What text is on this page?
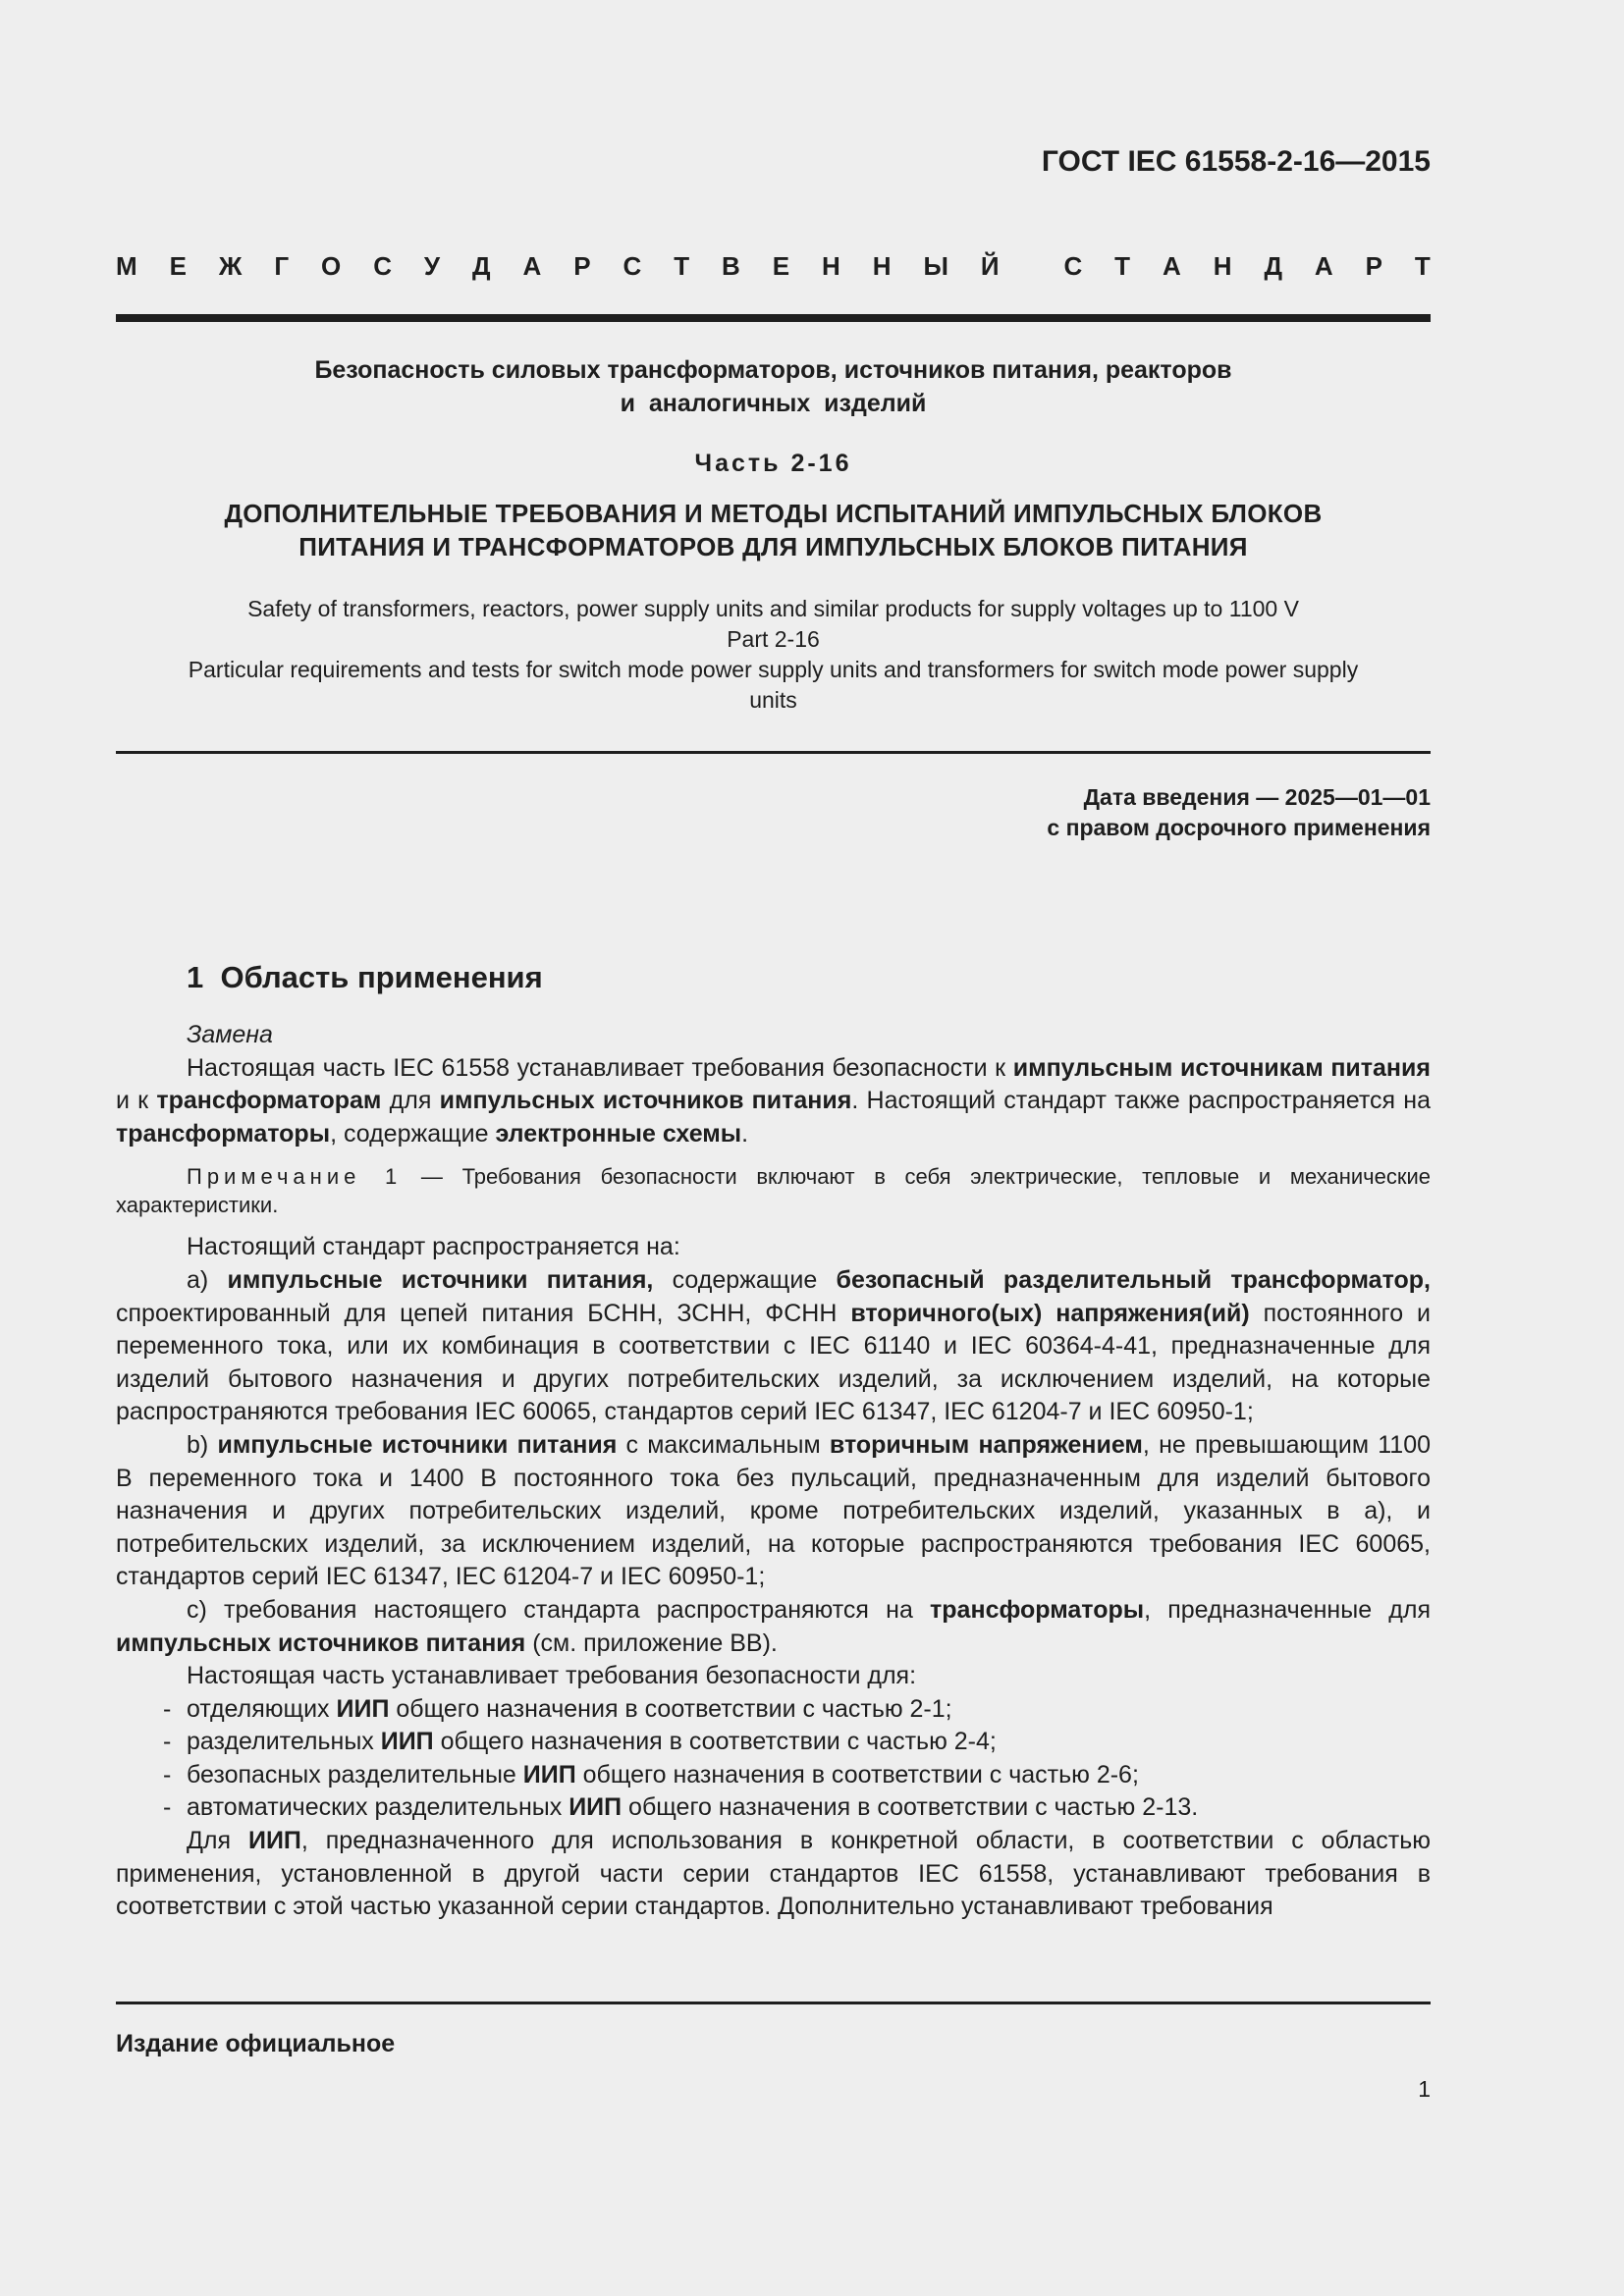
ГОСТ IEC 61558-2-16—2015
М Е Ж Г О С У Д А Р С Т В Е Н Н Ы Й	С Т А Н Д А Р Т
Безопасность силовых трансформаторов, источников питания, реакторов
и  аналогичных  изделий
Часть 2-16
ДОПОЛНИТЕЛЬНЫЕ ТРЕБОВАНИЯ И МЕТОДЫ ИСПЫТАНИЙ ИМПУЛЬСНЫХ БЛОКОВ
ПИТАНИЯ И ТРАНСФОРМАТОРОВ ДЛЯ ИМПУЛЬСНЫХ БЛОКОВ ПИТАНИЯ
Safety of transformers, reactors, power supply units and similar products for supply voltages up to 1100 V
Part 2-16
Particular requirements and tests for switch mode power supply units and transformers for switch mode power supply
units
Дата введения — 2025—01—01
с правом досрочного применения
1  Область применения

Замена

Настоящая часть IEC 61558 устанавливает требования безопасности к импульсным источникам питания и к трансформаторам для импульсных источников питания. Настоящий стандарт также распространяется на трансформаторы, содержащие электронные схемы.

Примечание 1 — Требования безопасности включают в себя электрические, тепловые и механические характеристики.

Настоящий стандарт распространяется на:

а) импульсные источники питания, содержащие безопасный разделительный трансформатор, спроектированный для цепей питания БСНН, ЗСНН, ФСНН вторичного(ых) напряжения(ий) постоянного и переменного тока, или их комбинация в соответствии с IEC 61140 и IEC 60364-4-41, предназначенные для изделий бытового назначения и других потребительских изделий, за исключением изделий, на которые распространяются требования IEC 60065, стандартов серий IEC 61347, IEC 61204-7 и IEC 60950-1;

b) импульсные источники питания с максимальным вторичным напряжением, не превышающим 1100 В переменного тока и 1400 В постоянного тока без пульсаций, предназначенным для изделий бытового назначения и других потребительских изделий, кроме потребительских изделий, указанных в а), и потребительских изделий, за исключением изделий, на которые распространяются требования IEC 60065, стандартов серий IEC 61347, IEC 61204-7 и IEC 60950-1;

c) требования настоящего стандарта распространяются на трансформаторы, предназначенные для импульсных источников питания (см. приложение ВВ).

Настоящая часть устанавливает требования безопасности для:

- отделяющих ИИП общего назначения в соответствии с частью 2-1;

- разделительных ИИП общего назначения в соответствии с частью 2-4;

- безопасных разделительные ИИП общего назначения в соответствии с частью 2-6;

- автоматических разделительных ИИП общего назначения в соответствии с частью 2-13.

Для ИИП, предназначенного для использования в конкретной области, в соответствии с областью применения, установленной в другой части серии стандартов IEC 61558, устанавливают требования в соответствии с этой частью указанной серии стандартов. Дополнительно устанавливают требования

Издание официальное
1
